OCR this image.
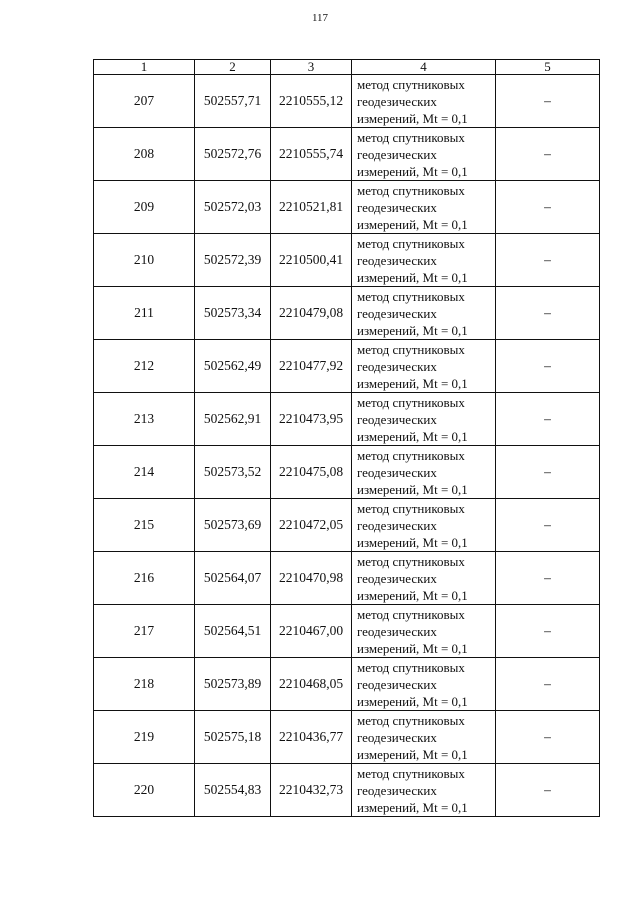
117
1	2	3	4	5
207	502557,71	2210555,12	метод спутниковых
геодезических
измерений, Mt = 0,1	–
208	502572,76	2210555,74	метод спутниковых
геодезических
измерений, Mt = 0,1	–
209	502572,03	2210521,81	метод спутниковых
геодезических
измерений, Mt = 0,1	–
210	502572,39	2210500,41	метод спутниковых
геодезических
измерений, Mt = 0,1	–
211	502573,34	2210479,08	метод спутниковых
геодезических
измерений, Mt = 0,1	–
212	502562,49	2210477,92	метод спутниковых
геодезических
измерений, Mt = 0,1	–
213	502562,91	2210473,95	метод спутниковых
геодезических
измерений, Mt = 0,1	–
214	502573,52	2210475,08	метод спутниковых
геодезических
измерений, Mt = 0,1	–
215	502573,69	2210472,05	метод спутниковых
геодезических
измерений, Mt = 0,1	–
216	502564,07	2210470,98	метод спутниковых
геодезических
измерений, Mt = 0,1	–
217	502564,51	2210467,00	метод спутниковых
геодезических
измерений, Mt = 0,1	–
218	502573,89	2210468,05	метод спутниковых
геодезических
измерений, Mt = 0,1	–
219	502575,18	2210436,77	метод спутниковых
геодезических
измерений, Mt = 0,1	–
220	502554,83	2210432,73	метод спутниковых
геодезических
измерений, Mt = 0,1	–
